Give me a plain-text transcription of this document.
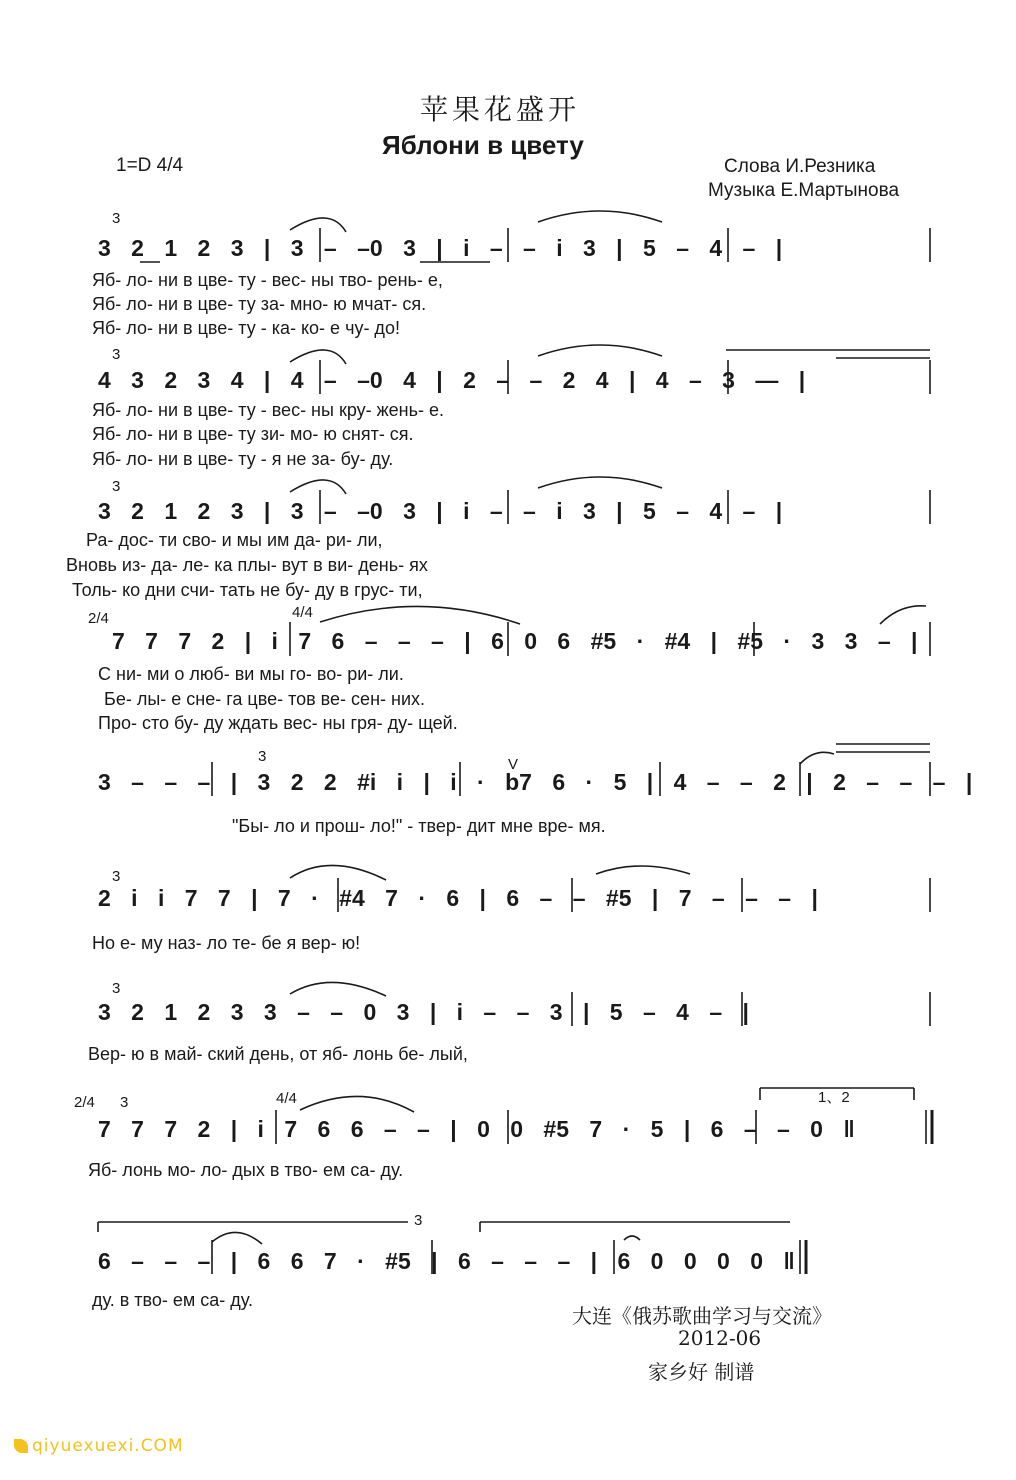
苹果花盛开
Яблони в цвету
1=D 4/4	Слова И.Резника
Музыка Е.Мартынова
3
3 2 1 2 3 | 3 – –0 3 | i – – i 3 | 5 – 4 – |
Яб- ло- ни в цве- ту - вес- ны тво- рень- е,
Яб- ло- ни в цве- ту за- мно- ю мчат- ся.
Яб- ло- ни в цве- ту - ка- ко- е чу- до!
3
4 3 2 3 4 | 4 – –0 4 | 2 – – 2 4 | 4 – 3 — |
Яб- ло- ни в цве- ту - вес- ны кру- жень- е.
Яб- ло- ни в цве- ту зи- мо- ю снят- ся.
Яб- ло- ни в цве- ту - я не за- бу- ду.
3
3 2 1 2 3 | 3 – –0 3 | i – – i 3 | 5 – 4 – |
Ра- дос- ти сво- и мы им да- ри- ли,
Вновь из- да- ле- ка плы- вут в ви- день- ях
Толь- ко дни счи- тать не бу- ду в грус- ти,
2/4	4/4
7 7 7 2 | i 7 6 – – – | 6 0 6 #5 · #4 | #5 · 3 3 – |
С ни- ми о люб- ви мы го- во- ри- ли.
Бе- лы- е сне- га цве- тов ве- сен- них.
Про- сто бу- ду ждать вес- ны гря- ду- щей.
3	V
3 – – – | 3 2 2 #i i | i · b7 6 · 5 | 4 – – 2 | 2 – – – |
"Бы- ло и прош- ло!" - твер- дит мне вре- мя.
3
2 i i 7 7 | 7 · #4 7 · 6 | 6 – – #5 | 7 – – – |
Но е- му наз- ло те- бе я вер- ю!
3
3 2 1 2 3 3 – – 0 3 | i – – 3 | 5 – 4 – |
Вер- ю в май- ский день, от яб- лонь бе- лый,
2/4 3	4/4	1、2
7 7 7 2 | i 7 6 6 – – | 0 0 #5 7 · 5 | 6 – – 0 ‖
Яб- лонь мо- ло- дых в тво- ем са- ду.
3
6 – – – | 6 6 7 · #5 | 6 – – – | 6 0 0 0 0 ‖
ду. в тво- ем са- ду.
大连《俄苏歌曲学习与交流》
2012-06
家乡好 制谱
qiyuexuexi.COM
